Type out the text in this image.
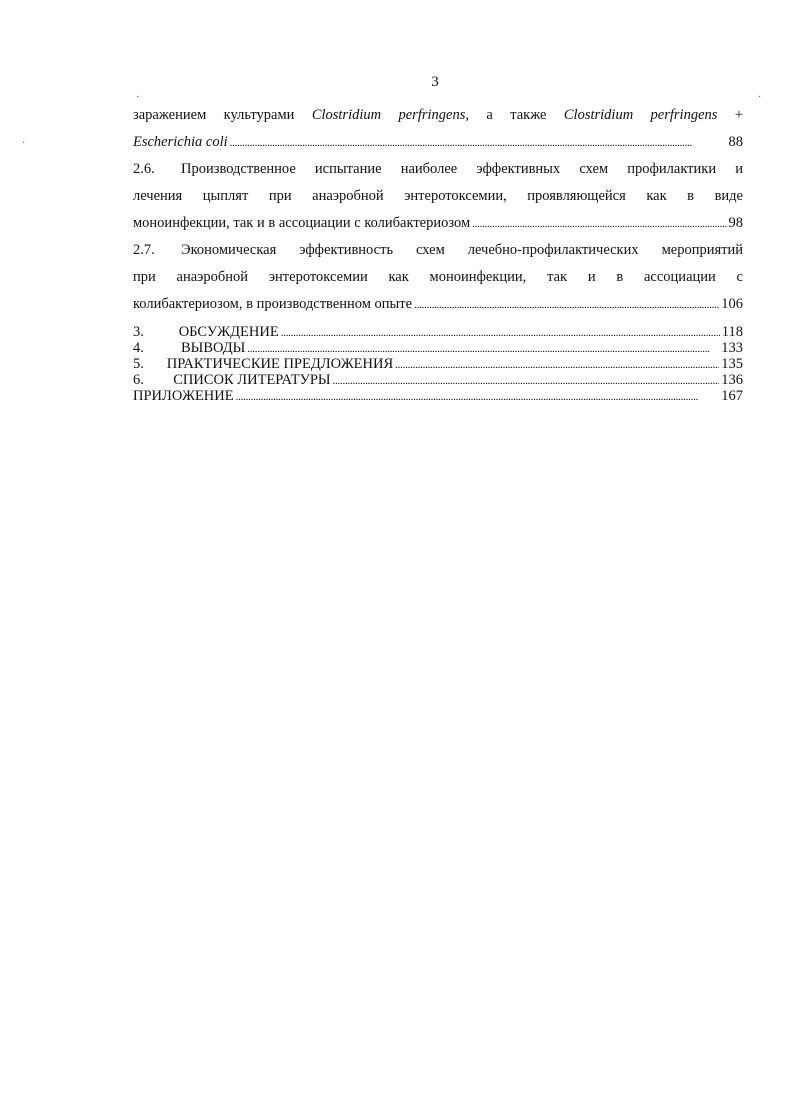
3
·	·
·
заражением культурами Clostridium perfringens, а также Clostridium perfringens +
Escherichia coli . . .	88
2.6. Производственное испытание наиболее эффективных схем профилактики и
лечения цыплят при анаэробной энтеротоксемии, проявляющейся как в виде
моноинфекции, так и в ассоциации с колибактериозом . . .	98
2.7. Экономическая эффективность схем лечебно-профилактических мероприятий
при анаэробной энтеротоксемии как моноинфекции, так и в ассоциации с
колибактериозом, в производственном опыте . . .	106
3.	ОБСУЖДЕНИЕ . . .	118
4.	ВЫВОДЫ . . .	133
5.	ПРАКТИЧЕСКИЕ ПРЕДЛОЖЕНИЯ . . .	135
6.	СПИСОК ЛИТЕРАТУРЫ . . .	136
ПРИЛОЖЕНИЕ . . .	167
